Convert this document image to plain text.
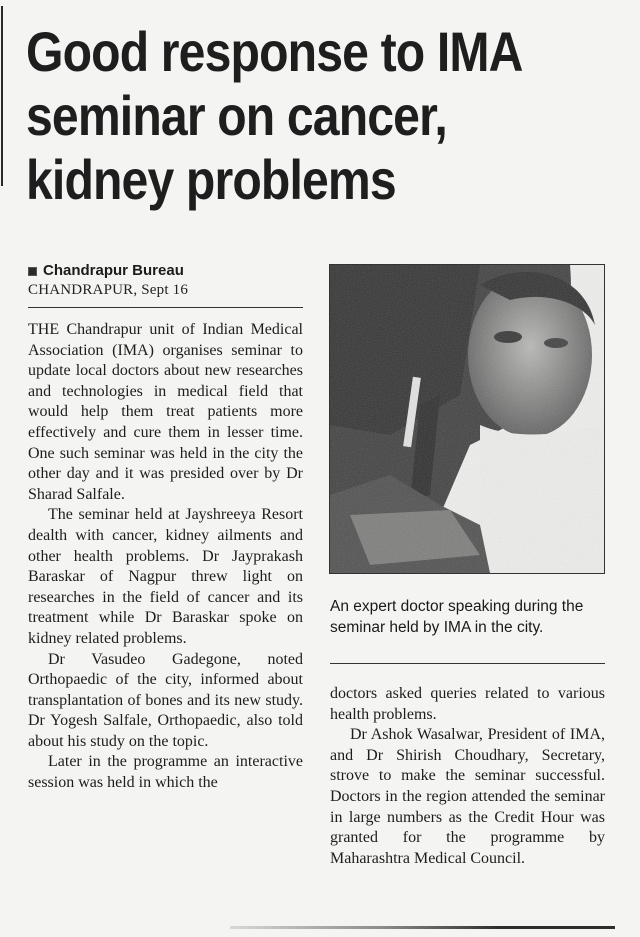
Good response to IMA
seminar on cancer,
kidney problems
Chandrapur Bureau
CHANDRAPUR, Sept 16

THE Chandrapur unit of Indian Medical Association (IMA) organises seminar to update local doctors about new researches and technologies in medical field that would help them treat patients more effectively and cure them in lesser time. One such seminar was held in the city the other day and it was presided over by Dr Sharad Salfale.

The seminar held at Jayshreeya Resort dealth with cancer, kidney ailments and other health problems. Dr Jayprakash Baraskar of Nagpur threw light on researches in the field of cancer and its treatment while Dr Baraskar spoke on kidney related problems.

Dr Vasudeo Gadegone, noted Orthopaedic of the city, informed about transplantation of bones and its new study. Dr Yogesh Salfale, Orthopaedic, also told about his study on the topic.

Later in the programme an interactive session was held in which the

An expert doctor speaking during the seminar held by IMA in the city.

doctors asked queries related to various health problems.

Dr Ashok Wasalwar, President of IMA, and Dr Shirish Choudhary, Secretary, strove to make the seminar successful. Doctors in the region attended the seminar in large numbers as the Credit Hour was granted for the programme by Maharashtra Medical Council.
